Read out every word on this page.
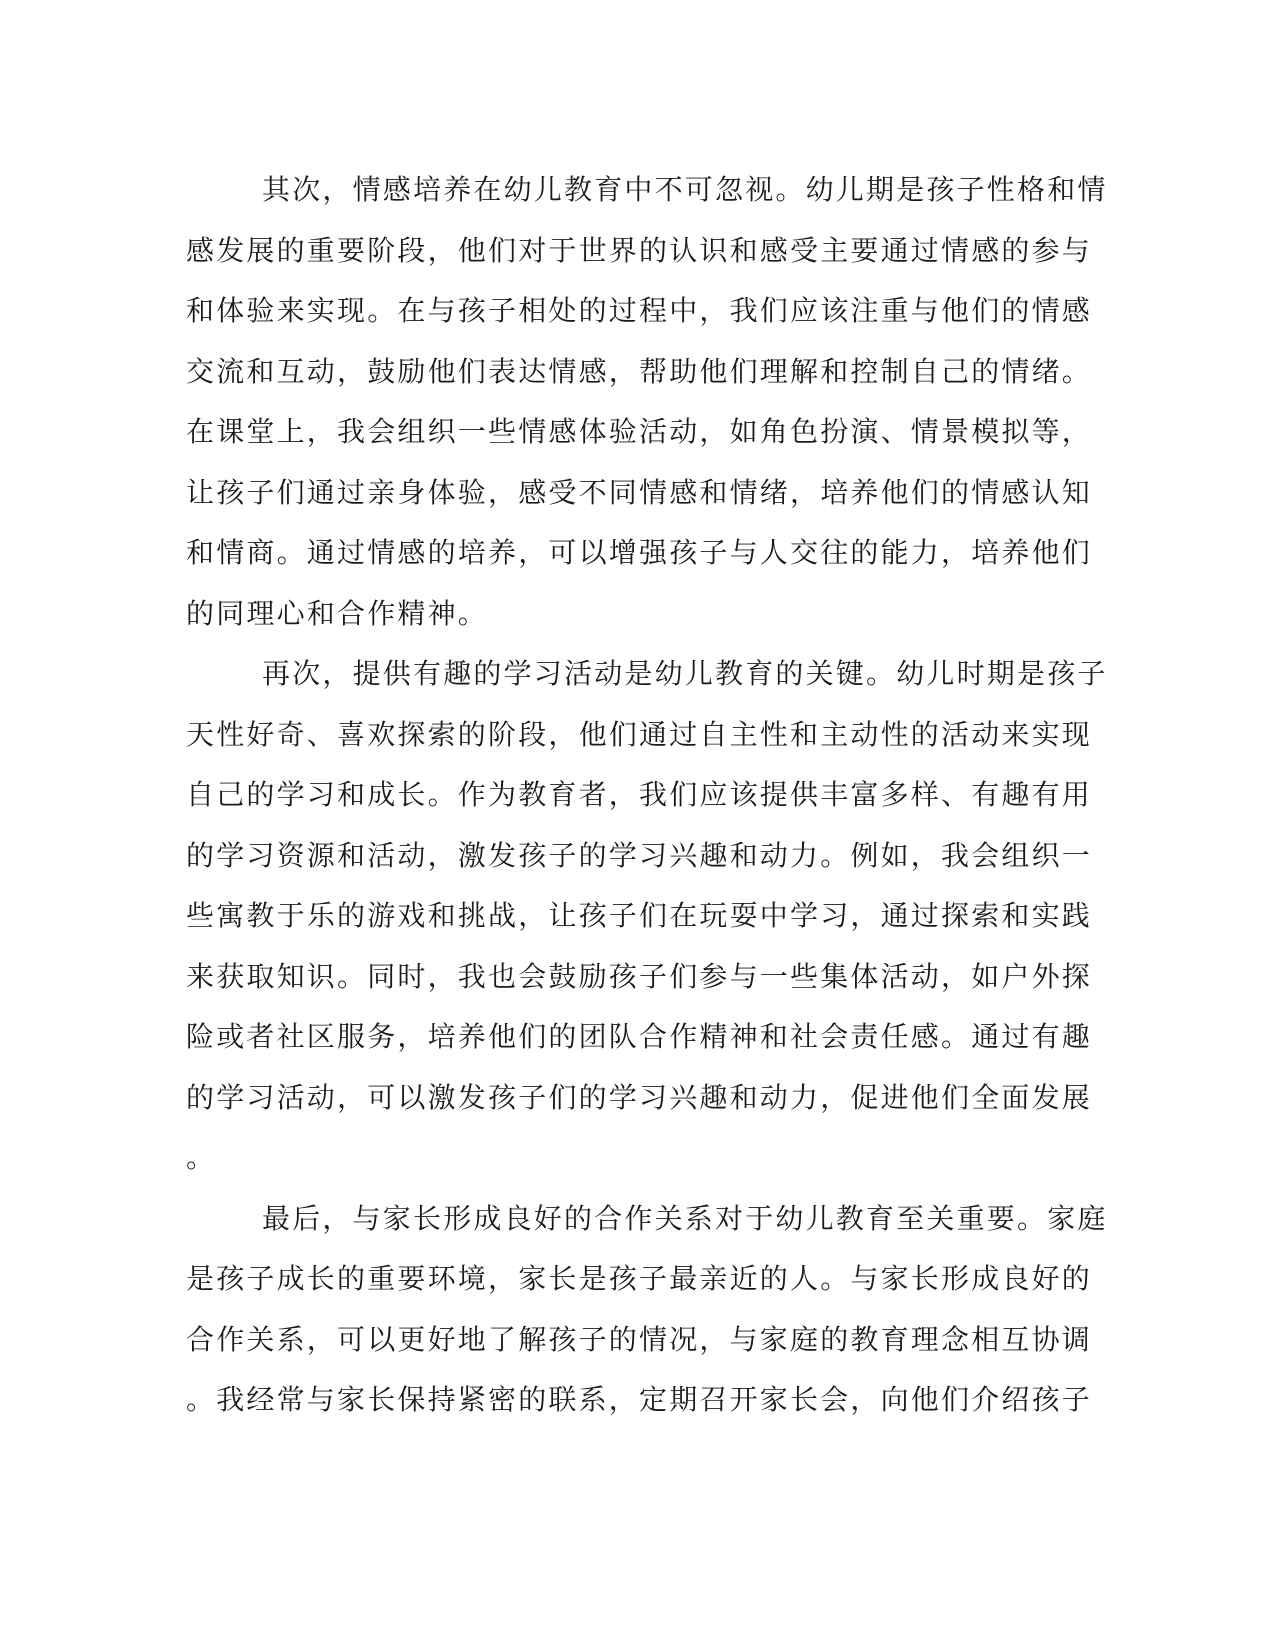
其次，情感培养在幼儿教育中不可忽视。幼儿期是孩子性格和情
感发展的重要阶段，他们对于世界的认识和感受主要通过情感的参与
和体验来实现。在与孩子相处的过程中，我们应该注重与他们的情感
交流和互动，鼓励他们表达情感，帮助他们理解和控制自己的情绪。
在课堂上，我会组织一些情感体验活动，如角色扮演、情景模拟等，
让孩子们通过亲身体验，感受不同情感和情绪，培养他们的情感认知
和情商。通过情感的培养，可以增强孩子与人交往的能力，培养他们
的同理心和合作精神。
再次，提供有趣的学习活动是幼儿教育的关键。幼儿时期是孩子
天性好奇、喜欢探索的阶段，他们通过自主性和主动性的活动来实现
自己的学习和成长。作为教育者，我们应该提供丰富多样、有趣有用
的学习资源和活动，激发孩子的学习兴趣和动力。例如，我会组织一
些寓教于乐的游戏和挑战，让孩子们在玩耍中学习，通过探索和实践
来获取知识。同时，我也会鼓励孩子们参与一些集体活动，如户外探
险或者社区服务，培养他们的团队合作精神和社会责任感。通过有趣
的学习活动，可以激发孩子们的学习兴趣和动力，促进他们全面发展
。
最后，与家长形成良好的合作关系对于幼儿教育至关重要。家庭
是孩子成长的重要环境，家长是孩子最亲近的人。与家长形成良好的
合作关系，可以更好地了解孩子的情况，与家庭的教育理念相互协调
。我经常与家长保持紧密的联系，定期召开家长会，向他们介绍孩子
